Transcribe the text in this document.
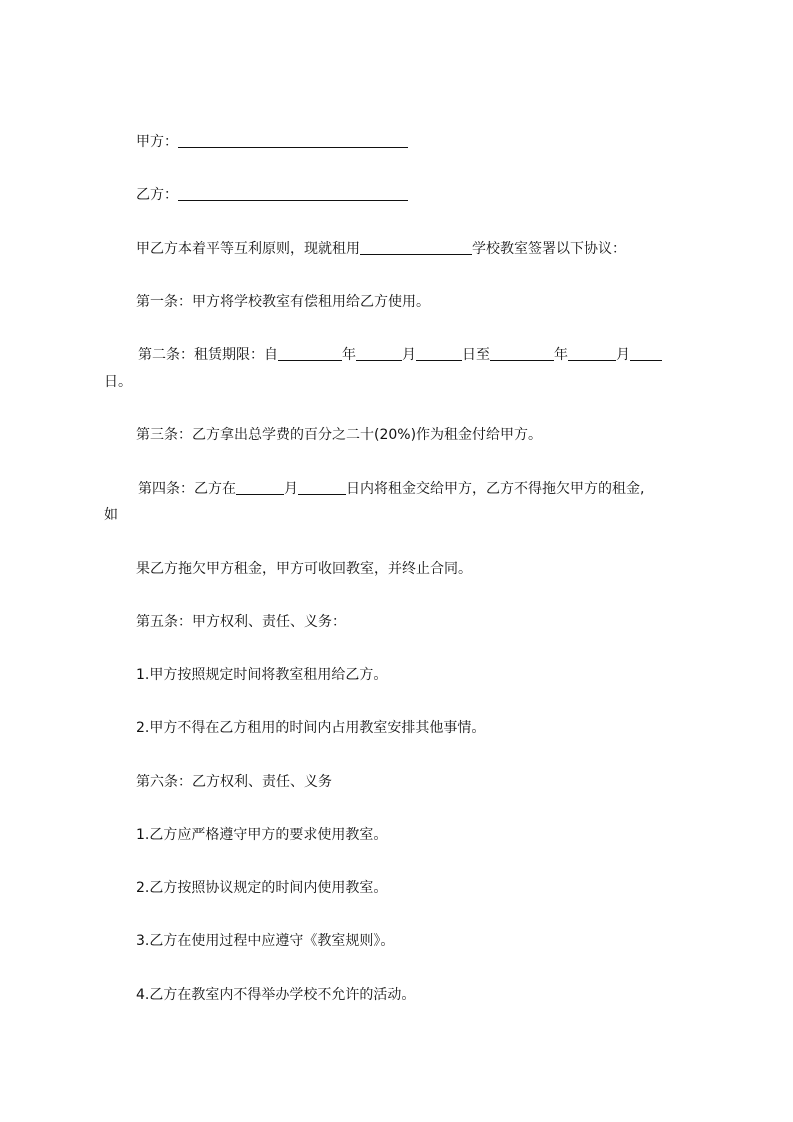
甲方：
乙方：
甲乙方本着平等互利原则，现就租用	学校教室签署以下协议：
第一条：甲方将学校教室有偿租用给乙方使用。
第二条：租赁期限：自	年	月	日至	年	月
日。
第三条：乙方拿出总学费的百分之二十(20%)作为租金付给甲方。
第四条：乙方在	月	日内将租金交给甲方，乙方不得拖欠甲方的租金,
如
果乙方拖欠甲方租金，甲方可收回教室，并终止合同。
第五条：甲方权利、责任、义务：
1.甲方按照规定时间将教室租用给乙方。
2.甲方不得在乙方租用的时间内占用教室安排其他事情。
第六条：乙方权利、责任、义务
1.乙方应严格遵守甲方的要求使用教室。
2.乙方按照协议规定的时间内使用教室。
3.乙方在使用过程中应遵守《教室规则》。
4.乙方在教室内不得举办学校不允许的活动。
